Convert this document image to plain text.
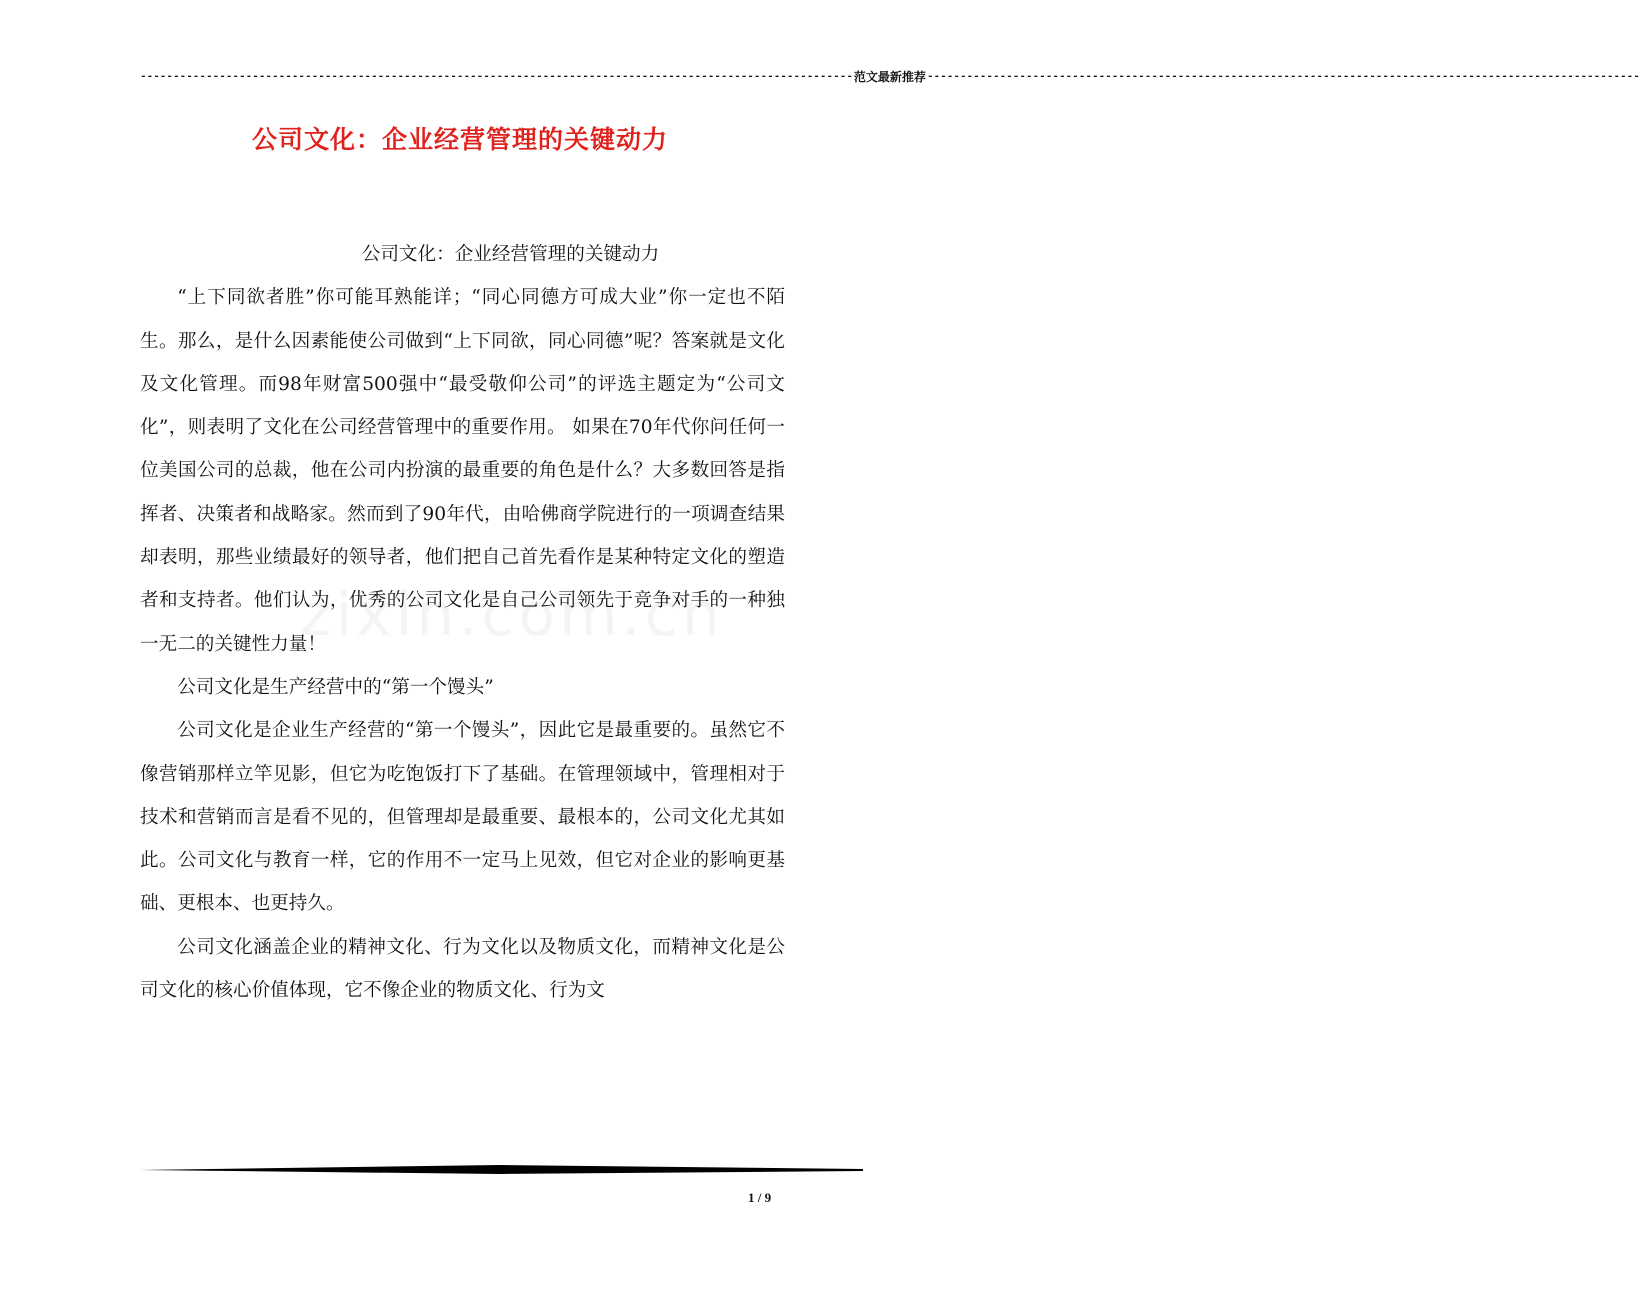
------------------------------------------------------------------------------------------------------------ 范文最新推荐 ------------------------------------------------------------------------------------------------------------
公司文化：企业经营管理的关键动力

公司文化：企业经营管理的关键动力

“上下同欲者胜”你可能耳熟能详；“同心同德方可成大业”你一定也不陌生。那么，是什么因素能使公司做到“上下同欲，同心同德”呢？答案就是文化及文化管理。而98年财富500强中“最受敬仰公司”的评选主题定为“公司文化”，则表明了文化在公司经营管理中的重要作用。 如果在70年代你问任何一位美国公司的总裁，他在公司内扮演的最重要的角色是什么？大多数回答是指挥者、决策者和战略家。然而到了90年代，由哈佛商学院进行的一项调查结果却表明，那些业绩最好的领导者，他们把自己首先看作是某种特定文化的塑造者和支持者。他们认为，优秀的公司文化是自己公司领先于竞争对手的一种独一无二的关键性力量！

公司文化是生产经营中的“第一个馒头”

公司文化是企业生产经营的“第一个馒头”，因此它是最重要的。虽然它不像营销那样立竿见影，但它为吃饱饭打下了基础。在管理领域中，管理相对于技术和营销而言是看不见的，但管理却是最重要、最根本的，公司文化尤其如此。公司文化与教育一样，它的作用不一定马上见效，但它对企业的影响更基础、更根本、也更持久。

公司文化涵盖企业的精神文化、行为文化以及物质文化，而精神文化是公司文化的核心价值体现，它不像企业的物质文化、行为文

1 / 9
